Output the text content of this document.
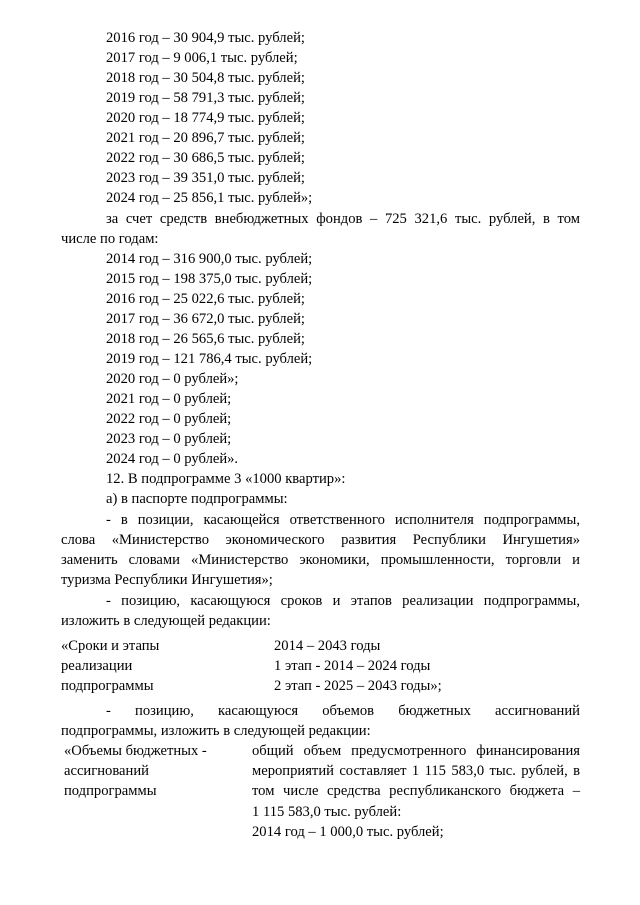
2016 год – 30 904,9 тыс. рублей;
2017 год – 9 006,1 тыс. рублей;
2018 год – 30 504,8 тыс. рублей;
2019 год – 58 791,3 тыс. рублей;
2020 год – 18 774,9 тыс. рублей;
2021 год – 20 896,7 тыс. рублей;
2022 год – 30 686,5 тыс. рублей;
2023 год – 39 351,0 тыс. рублей;
2024 год – 25 856,1 тыс. рублей»;
за счет средств внебюджетных фондов – 725 321,6 тыс. рублей, в том
числе по годам:
2014 год – 316 900,0 тыс. рублей;
2015 год – 198 375,0 тыс. рублей;
2016 год – 25 022,6 тыс. рублей;
2017 год – 36 672,0 тыс. рублей;
2018 год – 26 565,6 тыс. рублей;
2019 год – 121 786,4 тыс. рублей;
2020 год – 0 рублей»;
2021 год – 0 рублей;
2022 год – 0 рублей;
2023 год – 0 рублей;
2024 год – 0 рублей».
12. В подпрограмме 3 «1000 квартир»:
а) в паспорте подпрограммы:
- в позиции, касающейся ответственного исполнителя подпрограммы,
слова «Министерство экономического развития Республики Ингушетия»
заменить словами «Министерство экономики, промышленности, торговли и
туризма Республики Ингушетия»;
- позицию, касающуюся сроков и этапов реализации подпрограммы,
изложить в следующей редакции:
«Сроки и этапы
реализации
подпрограммы
2014 – 2043 годы
1 этап - 2014 – 2024 годы
2 этап - 2025 – 2043 годы»;
- позицию, касающуюся объемов бюджетных ассигнований
подпрограммы, изложить в следующей редакции:
«Объемы бюджетных -
ассигнований
подпрограммы
общий объем предусмотренного финансирования
мероприятий составляет 1 115 583,0 тыс. рублей, в
том числе средства республиканского бюджета –
1 115 583,0 тыс. рублей:
2014 год – 1 000,0 тыс. рублей;
